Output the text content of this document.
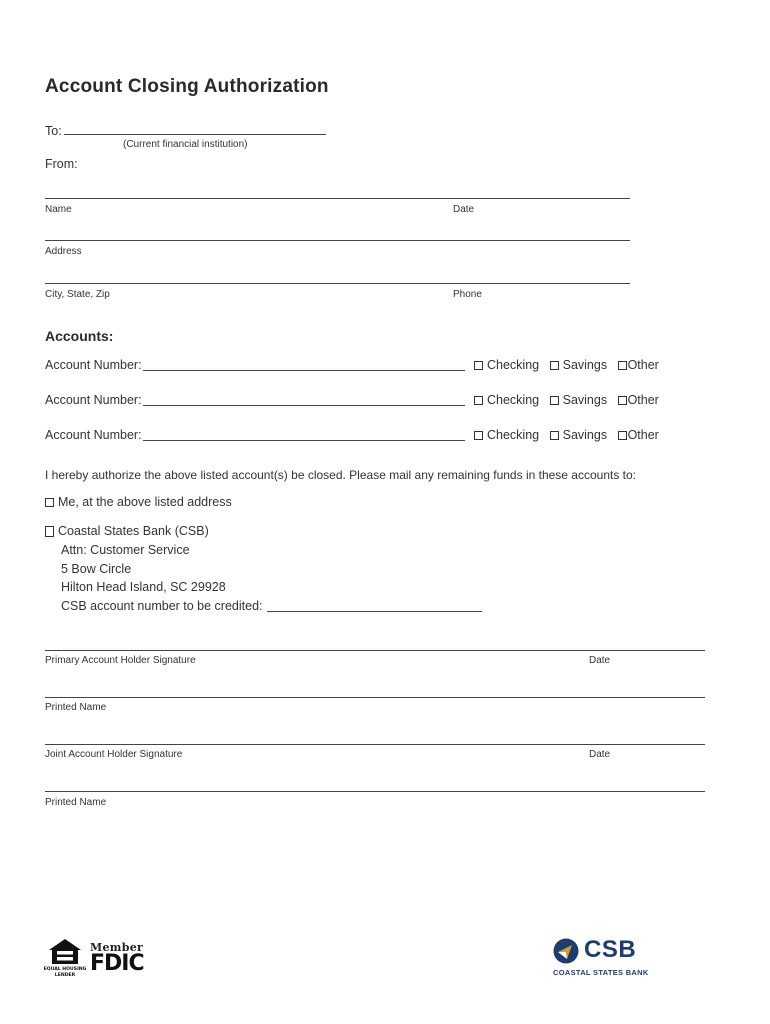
Account Closing Authorization
To:
(Current financial institution)
From:
Name	Date
Address
City, State, Zip	Phone
Accounts:
Account Number:	Checking Savings Other
Account Number:	Checking Savings Other
Account Number:	Checking Savings Other
I hereby authorize the above listed account(s) be closed. Please mail any remaining funds in these accounts to:
Me, at the above listed address
Coastal States Bank (CSB)
Attn: Customer Service
5 Bow Circle
Hilton Head Island, SC 29928
CSB account number to be credited:
Primary Account Holder Signature	Date
Printed Name
Joint Account Holder Signature	Date
Printed Name
EQUAL HOUSING
LENDER
Member
FDIC
CSB
COASTAL STATES BANK
